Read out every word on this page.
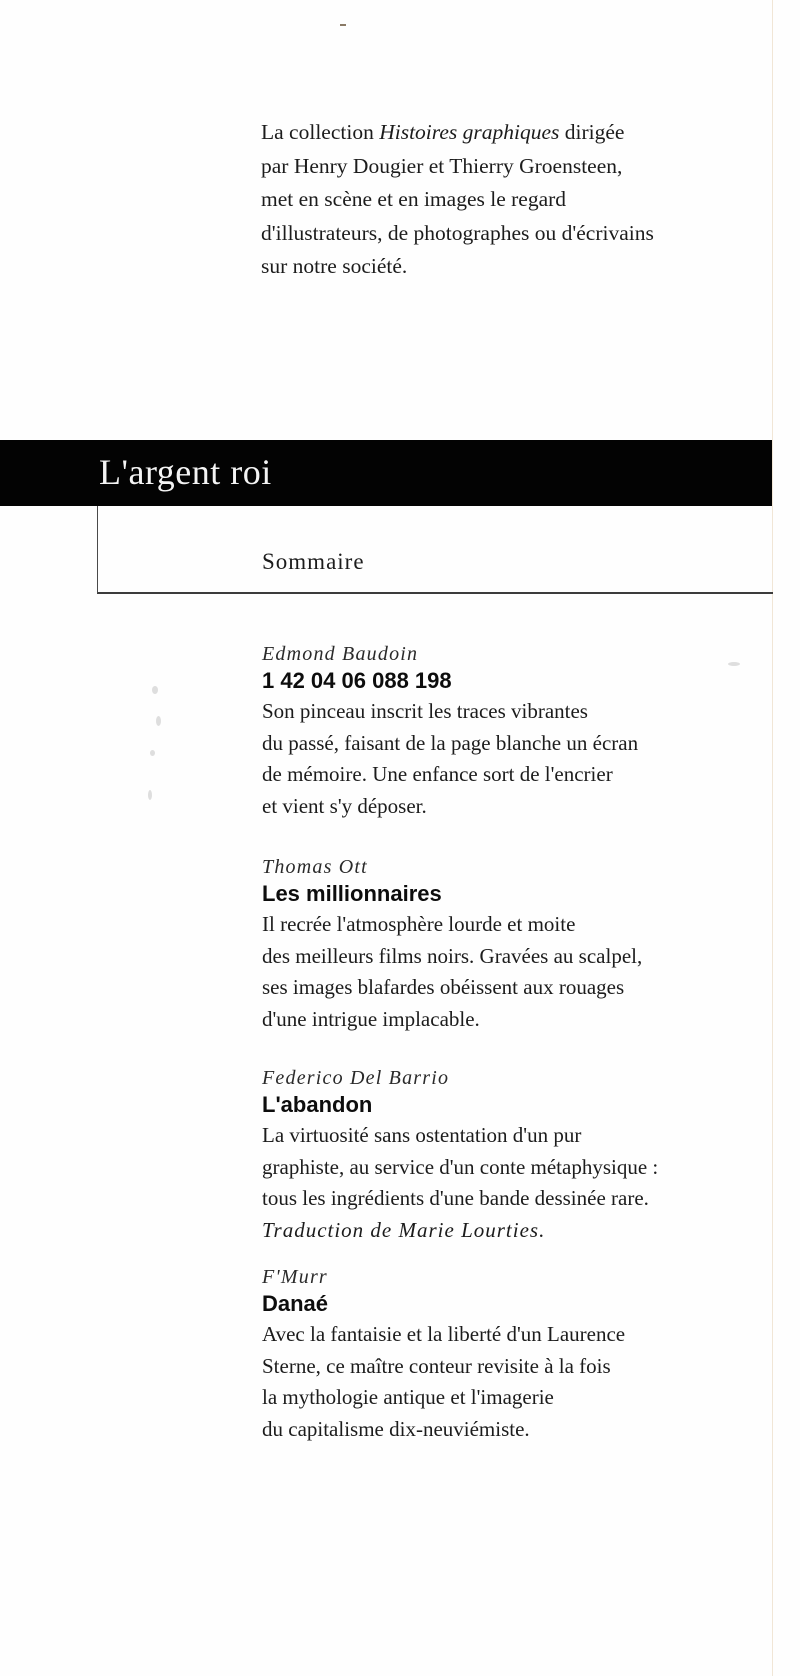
La collection Histoires graphiques dirigée
par Henry Dougier et Thierry Groensteen,
met en scène et en images le regard
d'illustrateurs, de photographes ou d'écrivains
sur notre société.
L'argent roi
Sommaire
Edmond Baudoin
1 42 04 06 088 198
Son pinceau inscrit les traces vibrantes
du passé, faisant de la page blanche un écran
de mémoire. Une enfance sort de l'encrier
et vient s'y déposer.
Thomas Ott
Les millionnaires
Il recrée l'atmosphère lourde et moite
des meilleurs films noirs. Gravées au scalpel,
ses images blafardes obéissent aux rouages
d'une intrigue implacable.
Federico Del Barrio
L'abandon
La virtuosité sans ostentation d'un pur
graphiste, au service d'un conte métaphysique :
tous les ingrédients d'une bande dessinée rare.
Traduction de Marie Lourties.
F'Murr
Danaé
Avec la fantaisie et la liberté d'un Laurence
Sterne, ce maître conteur revisite à la fois
la mythologie antique et l'imagerie
du capitalisme dix-neuviémiste.
